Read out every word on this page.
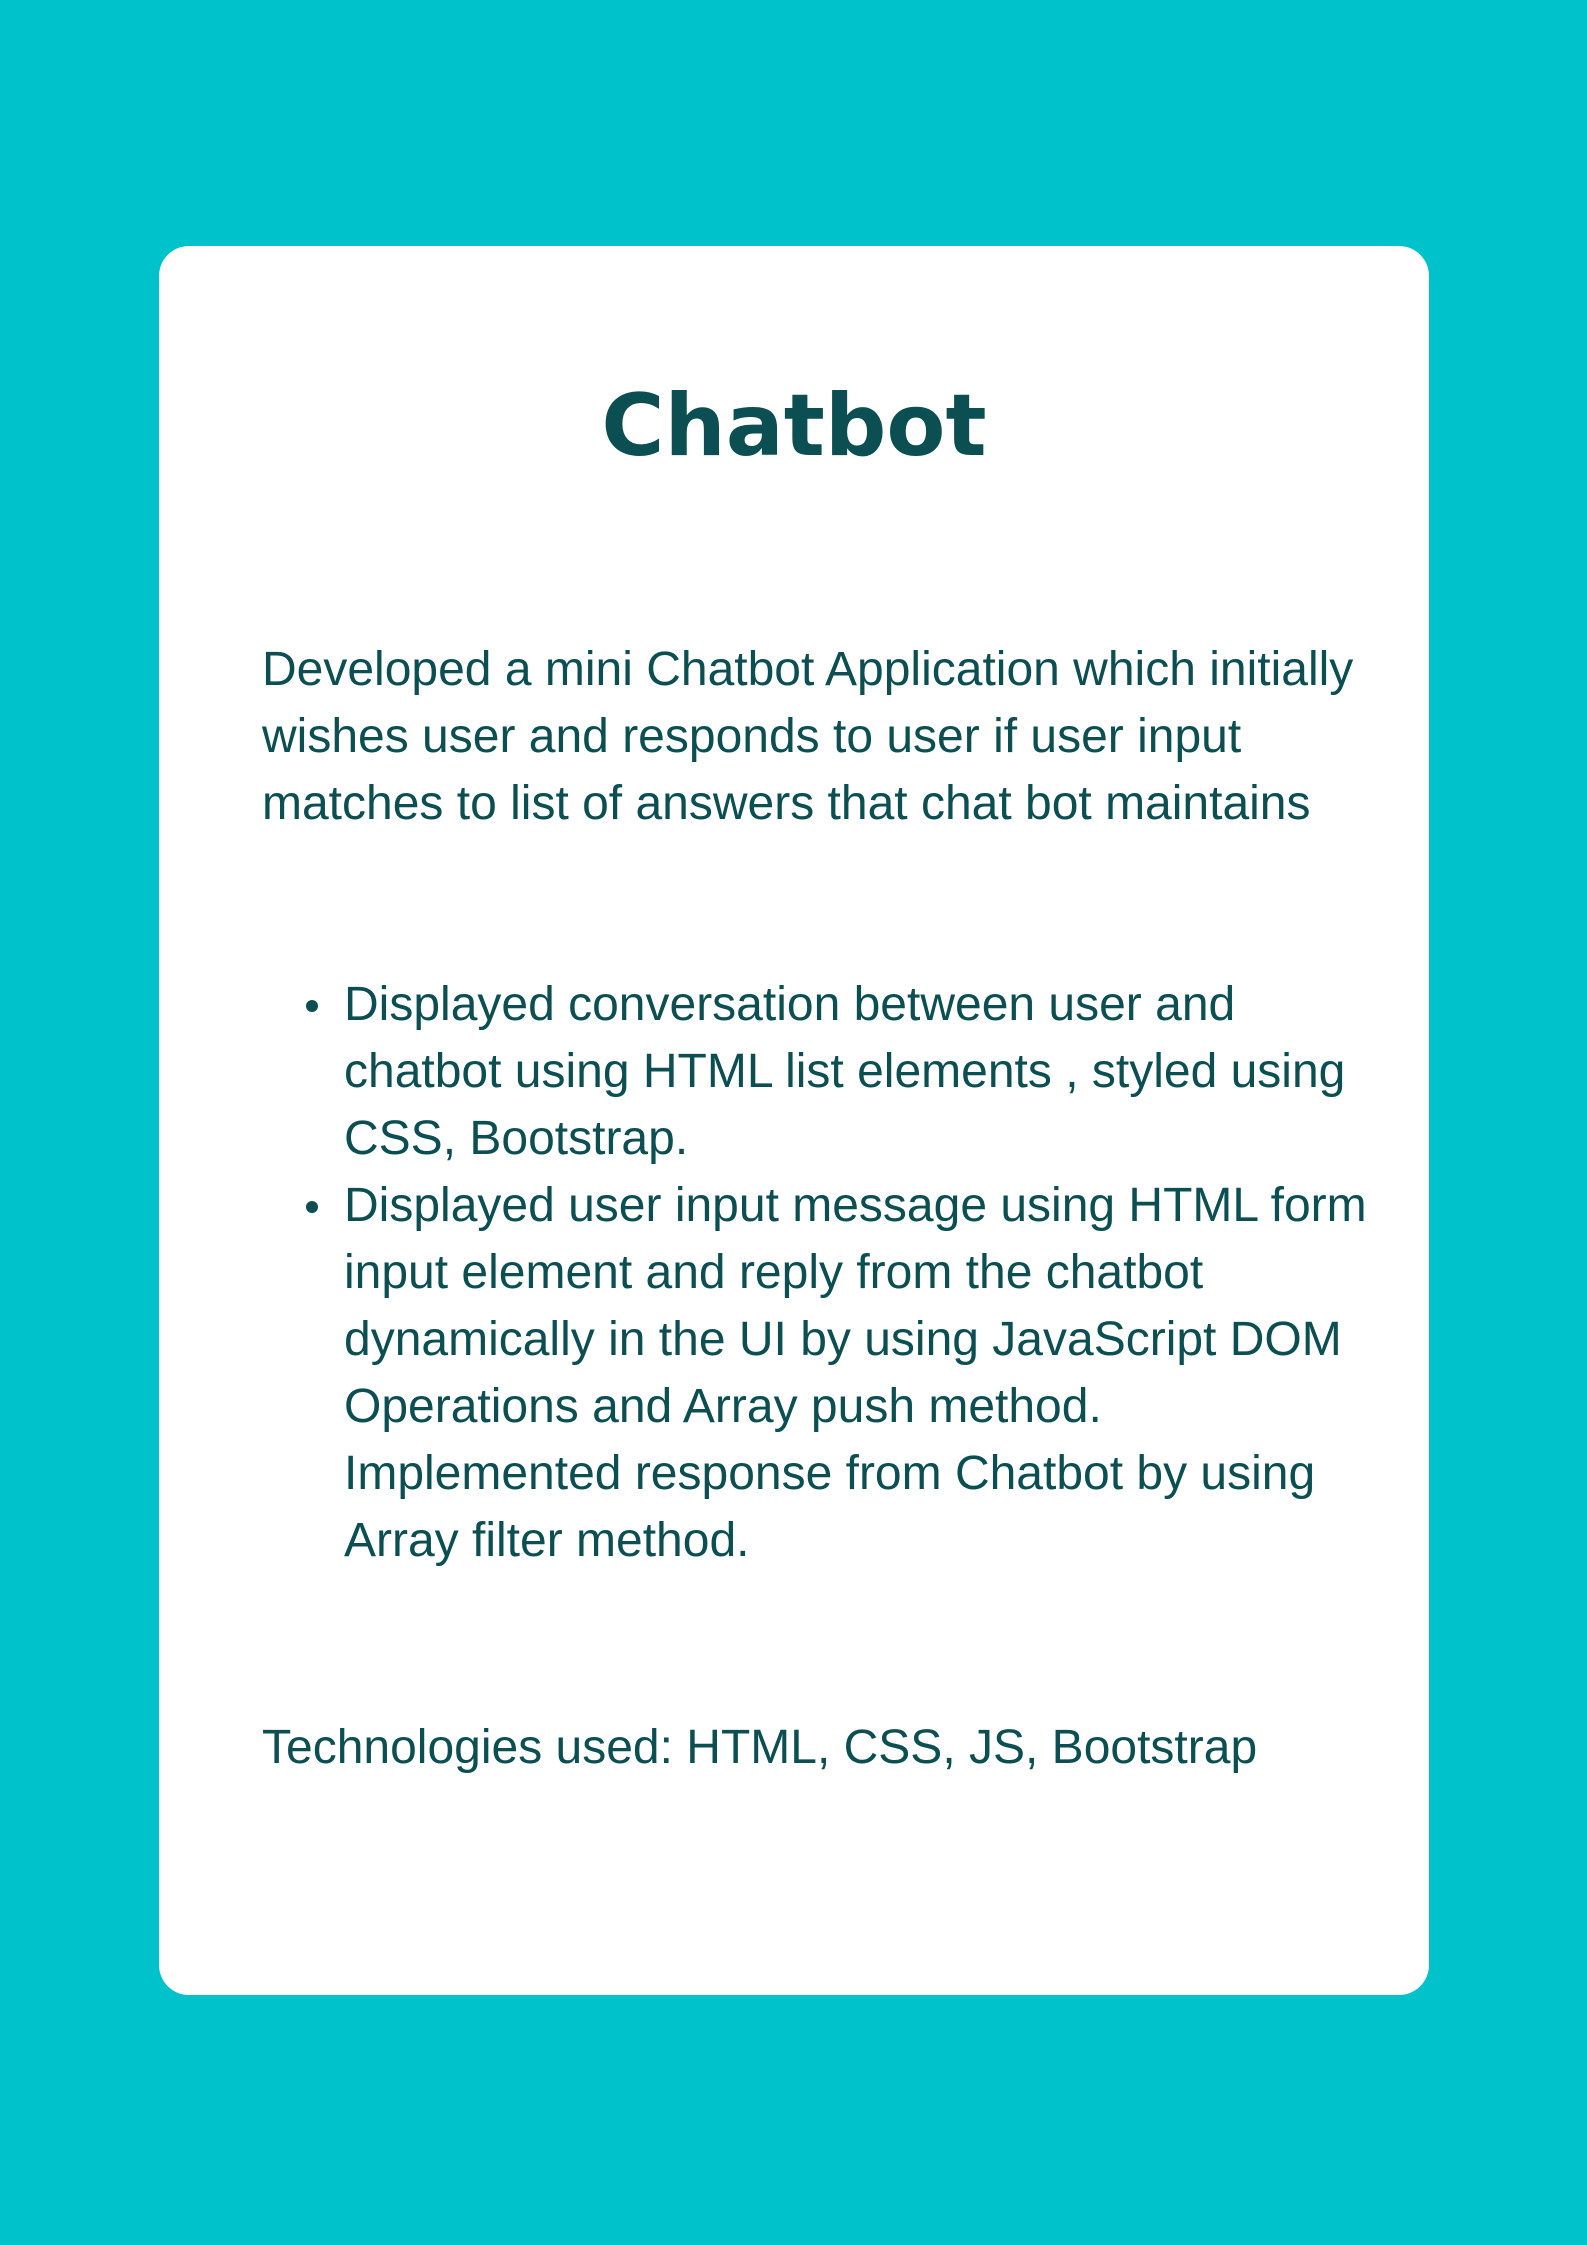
Chatbot

Developed a mini Chatbot Application which initially wishes user and responds to user if user input matches to list of answers that chat bot maintains

Displayed conversation between user and chatbot using HTML list elements , styled using CSS, Bootstrap.
Displayed user input message using HTML form input element and reply from the chatbot dynamically in the UI by using JavaScript DOM Operations and Array push method. Implemented response from Chatbot by using Array filter method.

Technologies used: HTML, CSS, JS, Bootstrap
